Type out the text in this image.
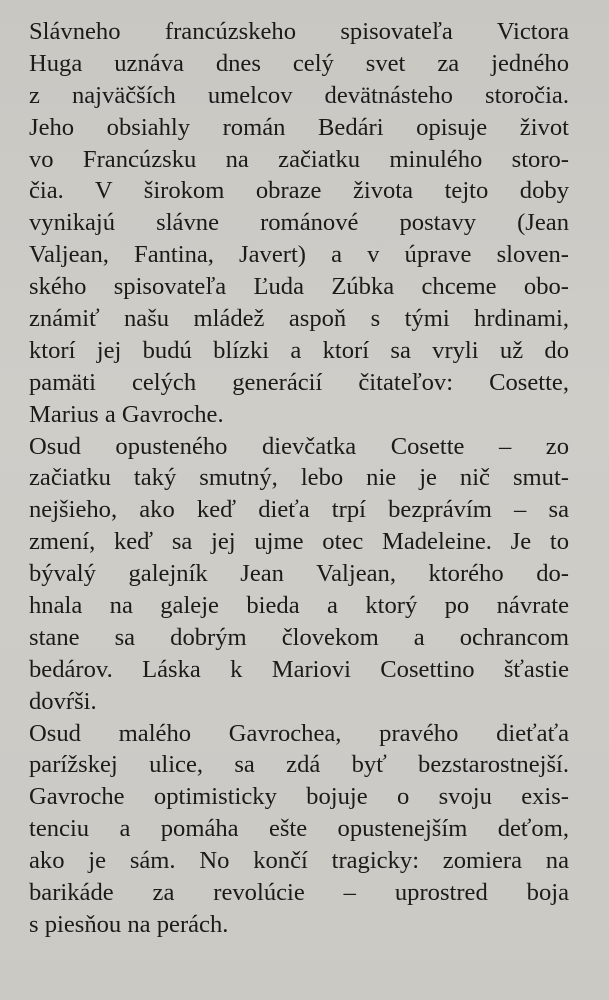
Slávneho francúzskeho spisovateľa Victora
Huga uznáva dnes celý svet za jedného
z najväčších umelcov devätnásteho storočia.
Jeho obsiahly román Bedári opisuje život
vo Francúzsku na začiatku minulého storo-
čia. V širokom obraze života tejto doby
vynikajú slávne románové postavy (Jean
Valjean, Fantina, Javert) a v úprave sloven-
ského spisovateľa Ľuda Zúbka chceme obo-
známiť našu mládež aspoň s tými hrdinami,
ktorí jej budú blízki a ktorí sa vryli už do
pamäti celých generácií čitateľov: Cosette,
Marius a Gavroche.
Osud opusteného dievčatka Cosette – zo
začiatku taký smutný, lebo nie je nič smut-
nejšieho, ako keď dieťa trpí bezprávím – sa
zmení, keď sa jej ujme otec Madeleine. Je to
bývalý galejník Jean Valjean, ktorého do-
hnala na galeje bieda a ktorý po návrate
stane sa dobrým človekom a ochrancom
bedárov. Láska k Mariovi Cosettino šťastie
dovŕši.
Osud malého Gavrochea, pravého dieťaťa
parížskej ulice, sa zdá byť bezstarostnejší.
Gavroche optimisticky bojuje o svoju exis-
tenciu a pomáha ešte opustenejším deťom,
ako je sám. No končí tragicky: zomiera na
barikáde za revolúcie – uprostred boja
s piesňou na perách.
